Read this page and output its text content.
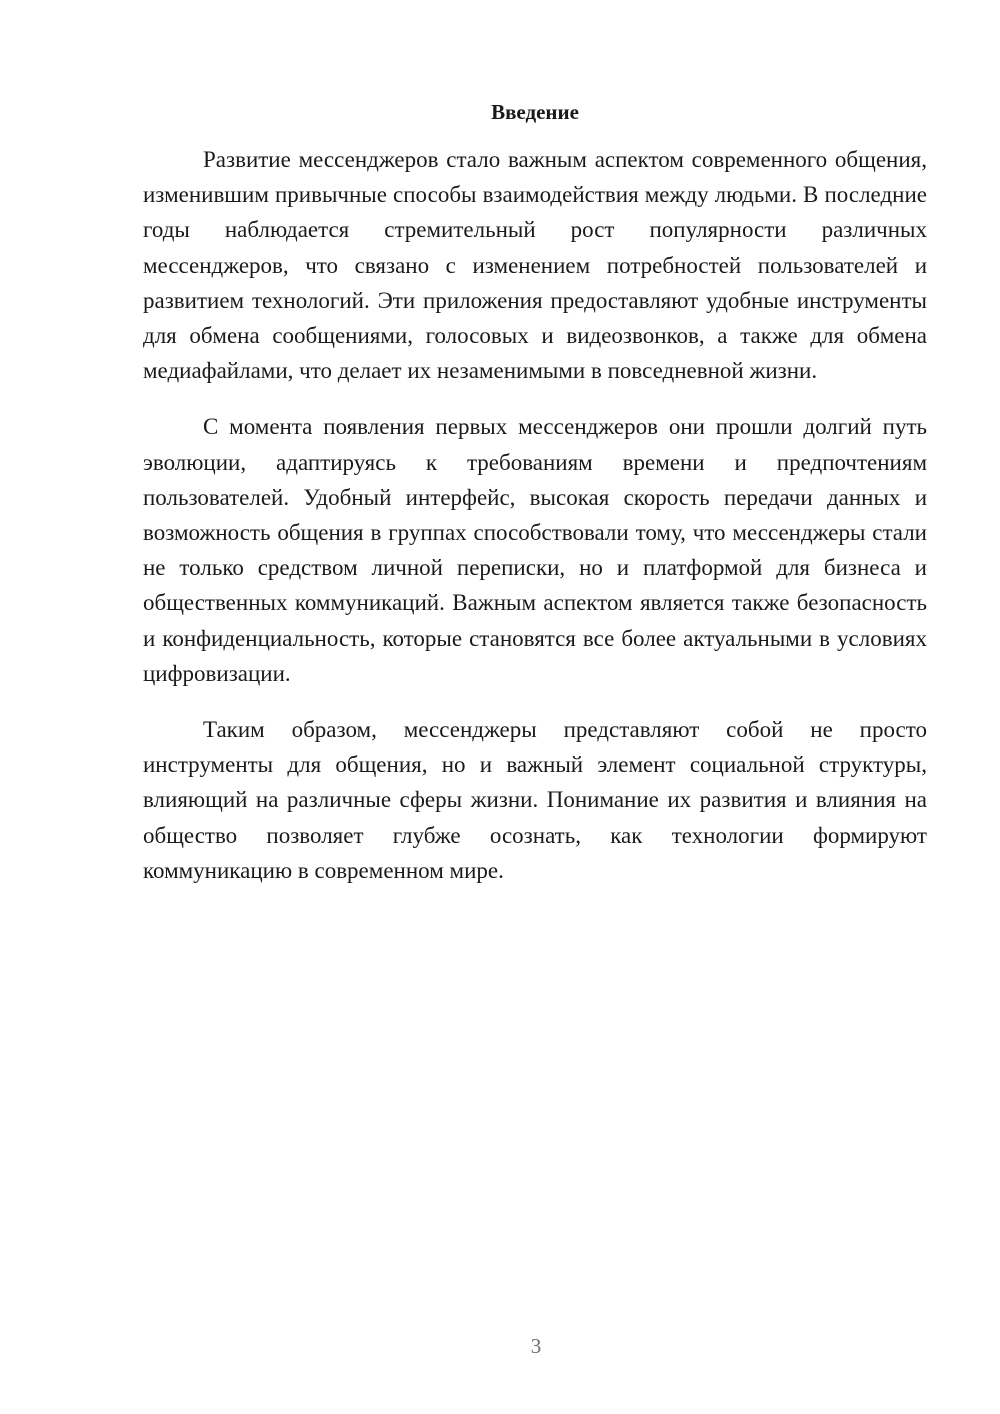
Введение

Развитие мессенджеров стало важным аспектом современного общения, изменившим привычные способы взаимодействия между людьми. В последние годы наблюдается стремительный рост популярности различных мессенджеров, что связано с изменением потребностей пользователей и развитием технологий. Эти приложения предоставляют удобные инструменты для обмена сообщениями, голосовых и видеозвонков, а также для обмена медиафайлами, что делает их незаменимыми в повседневной жизни.

С момента появления первых мессенджеров они прошли долгий путь эволюции, адаптируясь к требованиям времени и предпочтениям пользователей. Удобный интерфейс, высокая скорость передачи данных и возможность общения в группах способствовали тому, что мессенджеры стали не только средством личной переписки, но и платформой для бизнеса и общественных коммуникаций. Важным аспектом является также безопасность и конфиденциальность, которые становятся все более актуальными в условиях цифровизации.

Таким образом, мессенджеры представляют собой не просто инструменты для общения, но и важный элемент социальной структуры, влияющий на различные сферы жизни. Понимание их развития и влияния на общество позволяет глубже осознать, как технологии формируют коммуникацию в современном мире.

3
